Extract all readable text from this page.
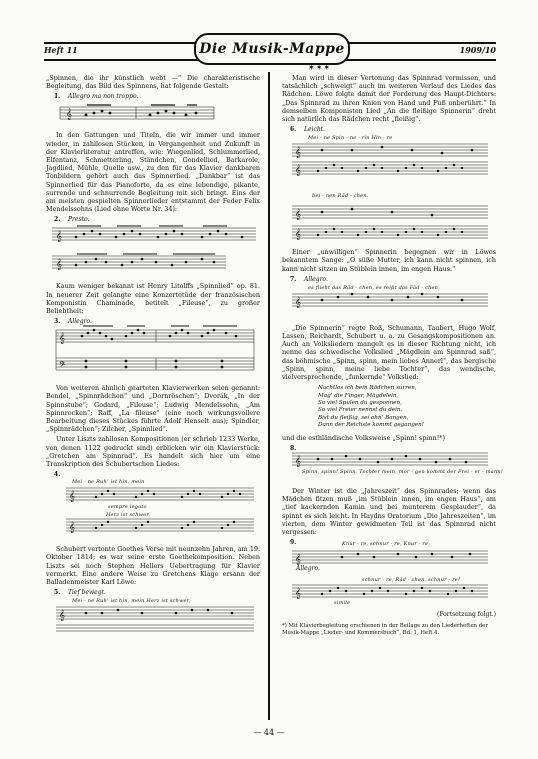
Heft 11	Die Musik-Mappe
✶✶✶
1909/10

„Spinnen, die ihr künstlich webt —“ Die charakteristische Begleitung, das Bild des Spinnens, hat folgende Gestalt:

1. Allegro ma non troppo.
𝄞

In den Gattungen und Titeln, die wir immer und immer wieder, in zahllosen Stücken, in Vergangenheit und Zukunft in der Klavierliteratur antreffen, wie: Wiegenlied, Schlummerlied, Elfentanz, Schmetterling, Ständchen, Gondellied, Barkarole, Jagdlied, Mühle, Quelle usw., zu den für das Klavier dankbaren Tonbildern gehört auch das Spinnerlied. „Dankbar“ ist das Spinnerlied für das Pianoforte, da es eine lebendige, pikante, surrende und schnurrende Begleitung mit sich bringt. Eins der am meisten gespielten Spinnerlieder entstammt der Feder Felix Mendelssohns (Lied ohne Worte Nr. 34):

2. Presto.
𝄞
𝄞

Kaum weniger bekannt ist Henry Litolffs „Spinnlied“ op. 81. In neuerer Zeit gelangte eine Konzertetüde der französischen Komponistin Chaminade, betitelt „Fileuse“, zu großer Beliebtheit:

3. Allegro.
𝄞
𝄢

Von weiteren ähnlich gearteten Klavierwerken seien genannt: Bendel, „Spinnrädchen“ und „Dornröschen“; Dvorák, „In der Spinnstube“; Godard, „Fileuse“; Ludwig Mendelssohn, „Am Spinnrocken“; Raff, „La fileuse“ (eine noch wirkungsvollere Bearbeitung dieses Stückes führte Adolf Henselt aus); Spindler, „Spinnrädchen“; Zilcher, „Spinnlied“.

Unter Liszts zahllosen Kompositionen (er schrieb 1233 Werke, von denen 1122 gedruckt sind) erblicken wir ein Klavierstück: „Gretchen am Spinnrad“. Es handelt sich hier um eine Transkription des Schubertschen Liedes:

4.
Mei - ne Ruh’ ist hin, mein
𝄞
𝄞
sempre legato
Herz ist schwer,

Schubert vertonte Goethes Verse mit neunzehn Jahren, am 19. Oktober 1814; es war seine erste Goethekomposition. Neben Liszts sei noch Stephen Hellers Uebertragung für Klavier vermerkt. Eine andere Weise zu Gretchens Klage ersann der Balladenmeister Karl Löwe:

5. Tief bewegt.
Mei - ne Ruh’ ist hin, mein Herz ist schwer,
𝄞

Man wird in dieser Vertonung das Spinnrad vermissen, und tatsächlich „schweigt“ auch im weiteren Verlauf des Liedes das Rädchen. Löwe folgte damit der Forderung des Haupt-Dichters: „Das Spinnrad zu ihren Knien von Hand und Fuß unberührt.“ In demselben Komponisten Lied „An die fleißige Spinnerin“ dreht sich natürlich das Rädchen recht „fleißig“.

6. Leicht.
Mei - ne Spin - ne - rin Hin - re
𝄞
𝄞
𝄞
𝄞
bei - nen Räd - chen.

Einer „unwilligen“ Spinnerin begegnen wir in Löwes bekanntem Sange: „O süße Mutter, ich kann nicht spinnen, ich kann nicht sitzen im Stüblein innen, im engen Haus.“

7. Allegro.
es flieht das Räd - chen, es reißt das Fäd - chen,
𝄞

„Die Spinnerin“ regte Roß, Schumann, Taubert, Hugo Wolf, Lassen, Reichardt, Schubert u. a. zu Gesangskompositionen an. Auch an Volksliedern mangelt es in dieser Richtung nicht, ich nenne das schwedische Volkslied „Mägdlein am Spinnrad saß“, das böhmische „Spinn, spinn, mein liebes Annerl“, das bergische „Spinn, spinn, meine liebe Tochter“, das wendische, vielversprechende, „funkernde“ Volkslied:

Nachtlos ich bein Rädchen surren,
Mag’ die Finger, Mägdelein,
So viel Spulen du gesponnen,
So viel Freier nennst du dein.
Bist du fleißig, sei ohn’ Bangen,
Dann der Reichste kommt gegangen!

und die esthländische Volksweise „Spinn! spinn!*)

8.
𝄞
Spinn, spinn! Spinn, Tochter mein, mor - gen kommt der Frei - er - mann!

Der Winter ist die „Jahreszeit“ des Spinnrades; wenn das Mädchen fitzen muß „im Stüblein innen, im engen Haus“, am „tief kackernden Kamin und bei munterem Gesplauder“, da spinnt es sich leicht. In Haydns Oratorium „Die Jahreszeiten“, im vierten, dem Winter gewidmeten Teil ist das Spinnrad nicht vergessen:

9.	Knur - re, schnur - re, Knur - re,
𝄞
𝄞
Allegro.
schnur - re, Räd - chen, schnur - re!
simile
(Fortsetzung folgt.)
*) Mit Klavierbegleitung erschienen in der Beilage zu den Liederheften der Musik-Mappe „Lieder- und Kommersbuch“, Bd. 1, Heft 4.
— 44 —
